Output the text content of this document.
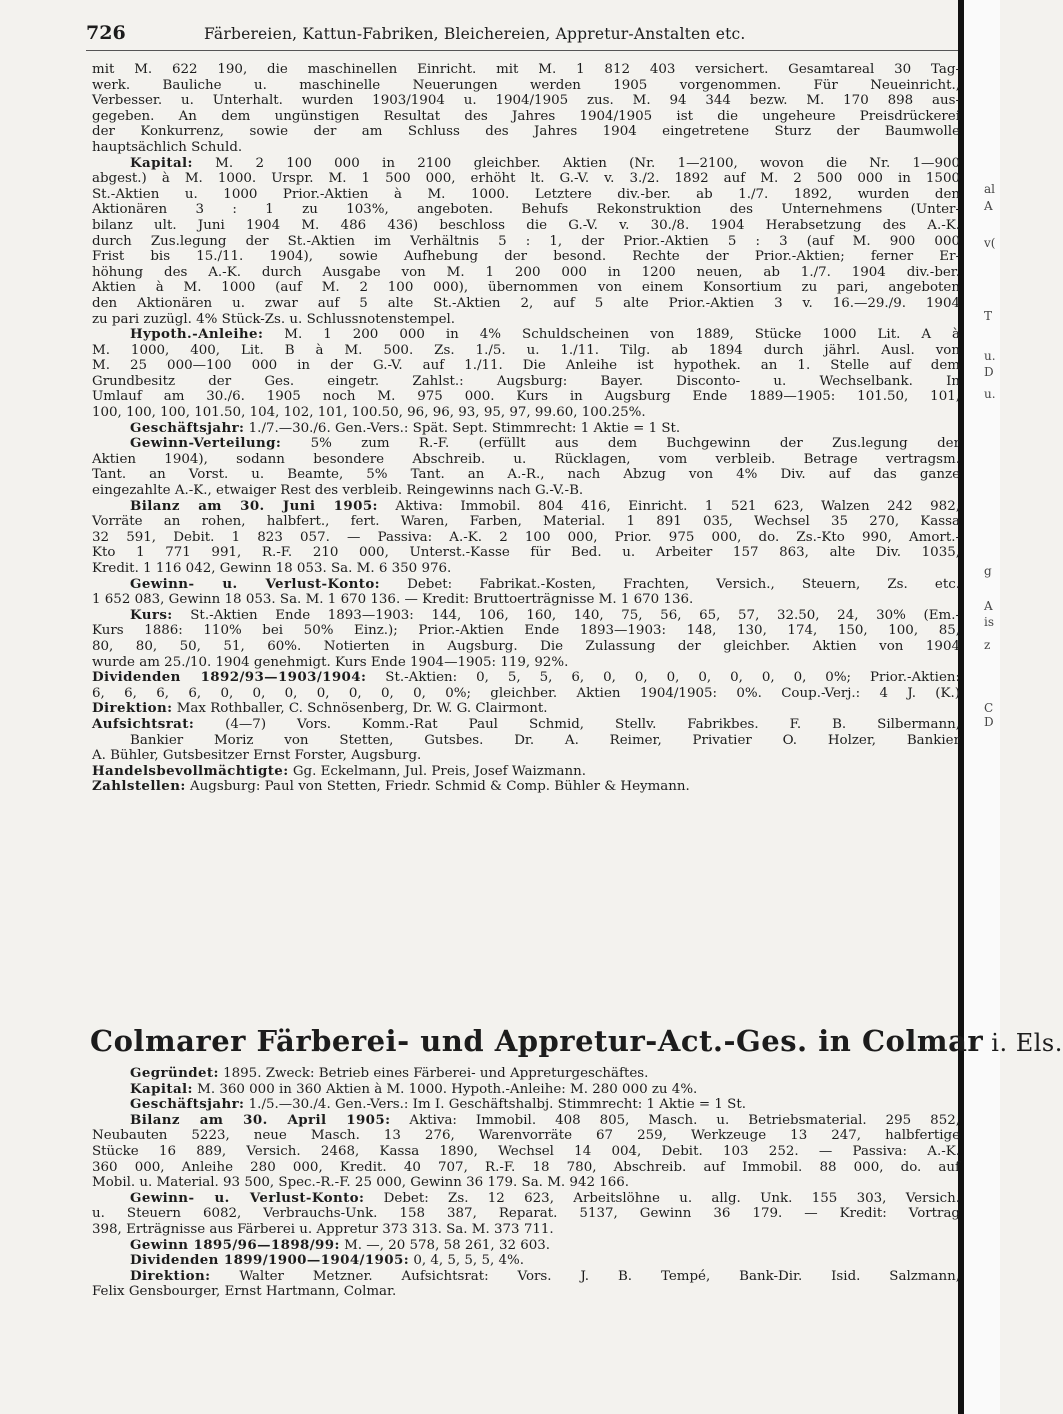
al
A
v(
T
u.
D
u.
g
A
is
z
C
D
726	Färbereien, Kattun-Fabriken, Bleichereien, Appretur-Anstalten etc.

mit M. 622 190, die maschinellen Einricht. mit M. 1 812 403 versichert. Gesamtareal 30 Tag-

werk. Bauliche u. maschinelle Neuerungen werden 1905 vorgenommen. Für Neueinricht.,

Verbesser. u. Unterhalt. wurden 1903/1904 u. 1904/1905 zus. M. 94 344 bezw. M. 170 898 aus-

gegeben. An dem ungünstigen Resultat des Jahres 1904/1905 ist die ungeheure Preisdrückerei

der Konkurrenz, sowie der am Schluss des Jahres 1904 eingetretene Sturz der Baumwolle

hauptsächlich Schuld.

Kapital: M. 2 100 000 in 2100 gleichber. Aktien (Nr. 1—2100, wovon die Nr. 1—900

abgest.) à M. 1000. Urspr. M. 1 500 000, erhöht lt. G.-V. v. 3./2. 1892 auf M. 2 500 000 in 1500

St.-Aktien u. 1000 Prior.-Aktien à M. 1000. Letztere div.-ber. ab 1./7. 1892, wurden den

Aktionären 3 : 1 zu 103%, angeboten. Behufs Rekonstruktion des Unternehmens (Unter-

bilanz ult. Juni 1904 M. 486 436) beschloss die G.-V. v. 30./8. 1904 Herabsetzung des A.-K.

durch Zus.legung der St.-Aktien im Verhältnis 5 : 1, der Prior.-Aktien 5 : 3 (auf M. 900 000

Frist bis 15./11. 1904), sowie Aufhebung der besond. Rechte der Prior.-Aktien; ferner Er-

höhung des A.-K. durch Ausgabe von M. 1 200 000 in 1200 neuen, ab 1./7. 1904 div.-ber.

Aktien à M. 1000 (auf M. 2 100 000), übernommen von einem Konsortium zu pari, angeboten

den Aktionären u. zwar auf 5 alte St.-Aktien 2, auf 5 alte Prior.-Aktien 3 v. 16.—29./9. 1904

zu pari zuzügl. 4% Stück-Zs. u. Schlussnotenstempel.

Hypoth.-Anleihe: M. 1 200 000 in 4% Schuldscheinen von 1889, Stücke 1000 Lit. A à

M. 1000, 400, Lit. B à M. 500. Zs. 1./5. u. 1./11. Tilg. ab 1894 durch jährl. Ausl. von

M. 25 000—100 000 in der G.-V. auf 1./11. Die Anleihe ist hypothek. an 1. Stelle auf dem

Grundbesitz der Ges. eingetr. Zahlst.: Augsburg: Bayer. Disconto- u. Wechselbank. In

Umlauf am 30./6. 1905 noch M. 975 000. Kurs in Augsburg Ende 1889—1905: 101.50, 101,

100, 100, 100, 101.50, 104, 102, 101, 100.50, 96, 96, 93, 95, 97, 99.60, 100.25%.

Geschäftsjahr: 1./7.—30./6. Gen.-Vers.: Spät. Sept. Stimmrecht: 1 Aktie = 1 St.

Gewinn-Verteilung: 5% zum R.-F. (erfüllt aus dem Buchgewinn der Zus.legung der

Aktien 1904), sodann besondere Abschreib. u. Rücklagen, vom verbleib. Betrage vertragsm.

Tant. an Vorst. u. Beamte, 5% Tant. an A.-R., nach Abzug von 4% Div. auf das ganze

eingezahlte A.-K., etwaiger Rest des verbleib. Reingewinns nach G.-V.-B.

Bilanz am 30. Juni 1905: Aktiva: Immobil. 804 416, Einricht. 1 521 623, Walzen 242 982,

Vorräte an rohen, halbfert., fert. Waren, Farben, Material. 1 891 035, Wechsel 35 270, Kassa

32 591, Debit. 1 823 057. — Passiva: A.-K. 2 100 000, Prior. 975 000, do. Zs.-Kto 990, Amort.-

Kto 1 771 991, R.-F. 210 000, Unterst.-Kasse für Bed. u. Arbeiter 157 863, alte Div. 1035,

Kredit. 1 116 042, Gewinn 18 053. Sa. M. 6 350 976.

Gewinn- u. Verlust-Konto: Debet: Fabrikat.-Kosten, Frachten, Versich., Steuern, Zs. etc.

1 652 083, Gewinn 18 053. Sa. M. 1 670 136. — Kredit: Bruttoerträgnisse M. 1 670 136.

Kurs: St.-Aktien Ende 1893—1903: 144, 106, 160, 140, 75, 56, 65, 57, 32.50, 24, 30% (Em.-

Kurs 1886: 110% bei 50% Einz.); Prior.-Aktien Ende 1893—1903: 148, 130, 174, 150, 100, 85,

80, 80, 50, 51, 60%. Notierten in Augsburg. Die Zulassung der gleichber. Aktien von 1904

wurde am 25./10. 1904 genehmigt. Kurs Ende 1904—1905: 119, 92%.

Dividenden 1892/93—1903/1904: St.-Aktien: 0, 5, 5, 6, 0, 0, 0, 0, 0, 0, 0, 0%; Prior.-Aktien:

6, 6, 6, 6, 0, 0, 0, 0, 0, 0, 0, 0%; gleichber. Aktien 1904/1905: 0%. Coup.-Verj.: 4 J. (K.)

Direktion: Max Rothballer, C. Schnösenberg, Dr. W. G. Clairmont.

Aufsichtsrat: (4—7) Vors. Komm.-Rat Paul Schmid, Stellv. Fabrikbes. F. B. Silbermann,

Bankier Moriz von Stetten, Gutsbes. Dr. A. Reimer, Privatier O. Holzer, Bankier

A. Bühler, Gutsbesitzer Ernst Forster, Augsburg.

Handelsbevollmächtigte: Gg. Eckelmann, Jul. Preis, Josef Waizmann.

Zahlstellen: Augsburg: Paul von Stetten, Friedr. Schmid & Comp. Bühler & Heymann.

Colmarer Färberei- und Appretur-Act.-Ges. in Colmar i. Els.

Gegründet: 1895. Zweck: Betrieb eines Färberei- und Appreturgeschäftes.

Kapital: M. 360 000 in 360 Aktien à M. 1000. Hypoth.-Anleihe: M. 280 000 zu 4%.

Geschäftsjahr: 1./5.—30./4. Gen.-Vers.: Im I. Geschäftshalbj. Stimmrecht: 1 Aktie = 1 St.

Bilanz am 30. April 1905: Aktiva: Immobil. 408 805, Masch. u. Betriebsmaterial. 295 852,

Neubauten 5223, neue Masch. 13 276, Warenvorräte 67 259, Werkzeuge 13 247, halbfertige

Stücke 16 889, Versich. 2468, Kassa 1890, Wechsel 14 004, Debit. 103 252. — Passiva: A.-K.

360 000, Anleihe 280 000, Kredit. 40 707, R.-F. 18 780, Abschreib. auf Immobil. 88 000, do. auf

Mobil. u. Material. 93 500, Spec.-R.-F. 25 000, Gewinn 36 179. Sa. M. 942 166.

Gewinn- u. Verlust-Konto: Debet: Zs. 12 623, Arbeitslöhne u. allg. Unk. 155 303, Versich.

u. Steuern 6082, Verbrauchs-Unk. 158 387, Reparat. 5137, Gewinn 36 179. — Kredit: Vortrag

398, Erträgnisse aus Färberei u. Appretur 373 313. Sa. M. 373 711.

Gewinn 1895/96—1898/99: M. —, 20 578, 58 261, 32 603.

Dividenden 1899/1900—1904/1905: 0, 4, 5, 5, 5, 4%.

Direktion: Walter Metzner. Aufsichtsrat: Vors. J. B. Tempé, Bank-Dir. Isid. Salzmann,

Felix Gensbourger, Ernst Hartmann, Colmar.
